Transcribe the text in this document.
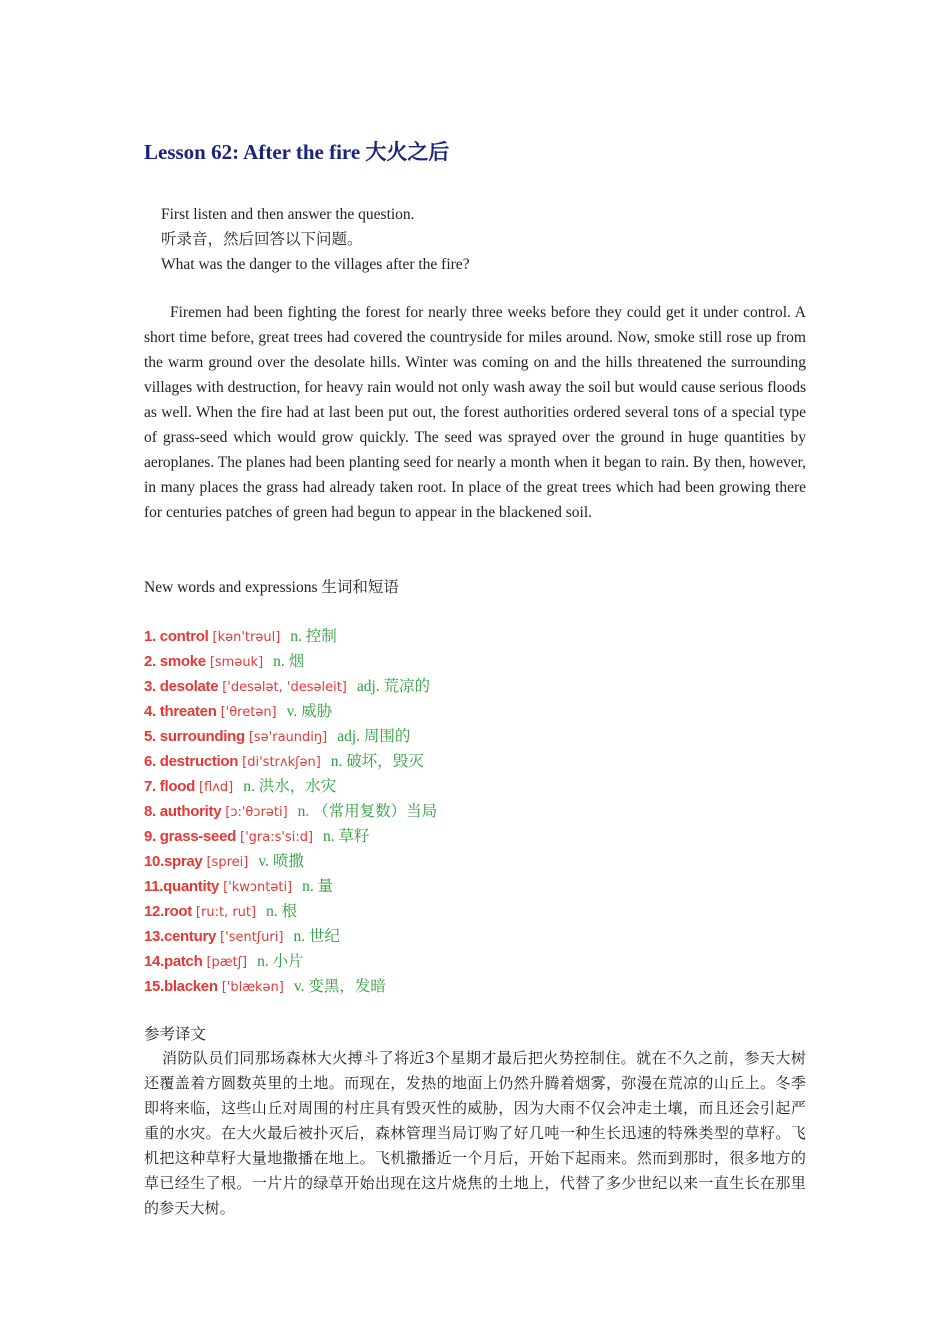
Lesson 62: After the fire 大火之后
First listen and then answer the question.
听录音，然后回答以下问题。
What was the danger to the villages after the fire?

Firemen had been fighting the forest for nearly three weeks before they could get it under control. A short time before, great trees had covered the countryside for miles around. Now, smoke still rose up from the warm ground over the desolate hills. Winter was coming on and the hills threatened the surrounding villages with destruction, for heavy rain would not only wash away the soil but would cause serious floods as well. When the fire had at last been put out, the forest authorities ordered several tons of a special type of grass-seed which would grow quickly. The seed was sprayed over the ground in huge quantities by aeroplanes. The planes had been planting seed for nearly a month when it began to rain. By then, however, in many places the grass had already taken root. In place of the great trees which had been growing there for centuries patches of green had begun to appear in the blackened soil.

New words and expressions 生词和短语
1. control [kən'trəul] n. 控制
2. smoke [sməuk] n. 烟
3. desolate ['desələt, 'desəleit] adj. 荒凉的
4. threaten ['θretən] v. 威胁
5. surrounding [sə'raundiŋ] adj. 周围的
6. destruction [di'strʌkʃən] n. 破坏，毁灭
7. flood [flʌd] n. 洪水，水灾
8. authority [ɔ:'θɔrəti] n. （常用复数）当局
9. grass-seed ['gra:s'si:d] n. 草籽
10.spray [sprei] v. 喷撒
11.quantity ['kwɔntəti] n. 量
12.root [ru:t, rut] n. 根
13.century ['sentʃuri] n. 世纪
14.patch [pætʃ] n. 小片
15.blacken ['blækən] v. 变黑，发暗
参考译文

消防队员们同那场森林大火搏斗了将近3个星期才最后把火势控制住。就在不久之前，参天大树还覆盖着方圆数英里的土地。而现在，发热的地面上仍然升腾着烟雾，弥漫在荒凉的山丘上。冬季即将来临，这些山丘对周围的村庄具有毁灭性的威胁，因为大雨不仅会冲走土壤，而且还会引起严重的水灾。在大火最后被扑灭后，森林管理当局订购了好几吨一种生长迅速的特殊类型的草籽。飞机把这种草籽大量地撒播在地上。飞机撒播近一个月后，开始下起雨来。然而到那时，很多地方的草已经生了根。一片片的绿草开始出现在这片烧焦的土地上，代替了多少世纪以来一直生长在那里的参天大树。
